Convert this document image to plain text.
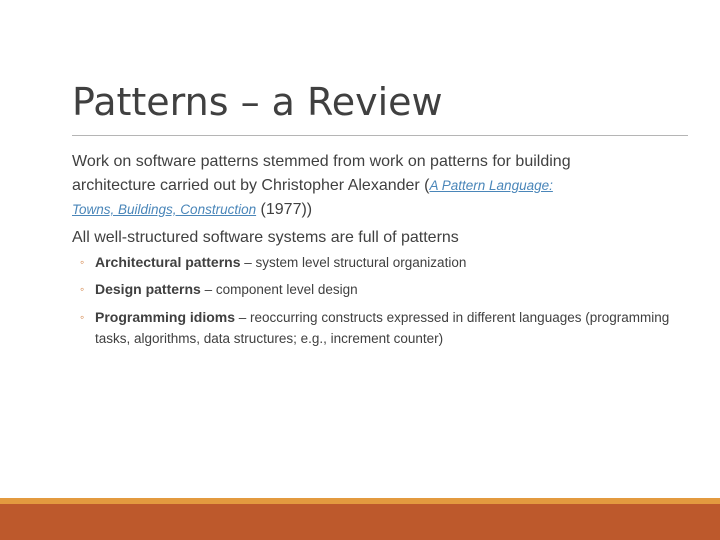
Patterns – a Review

Work on software patterns stemmed from work on patterns for building
architecture carried out by Christopher Alexander (A Pattern Language:
Towns, Buildings, Construction (1977))

All well-structured software systems are full of patterns

◦ Architectural patterns – system level structural organization
◦ Design patterns – component level design
◦ Programming idioms – reoccurring constructs expressed in different languages (programming tasks, algorithms, data structures; e.g., increment counter)
